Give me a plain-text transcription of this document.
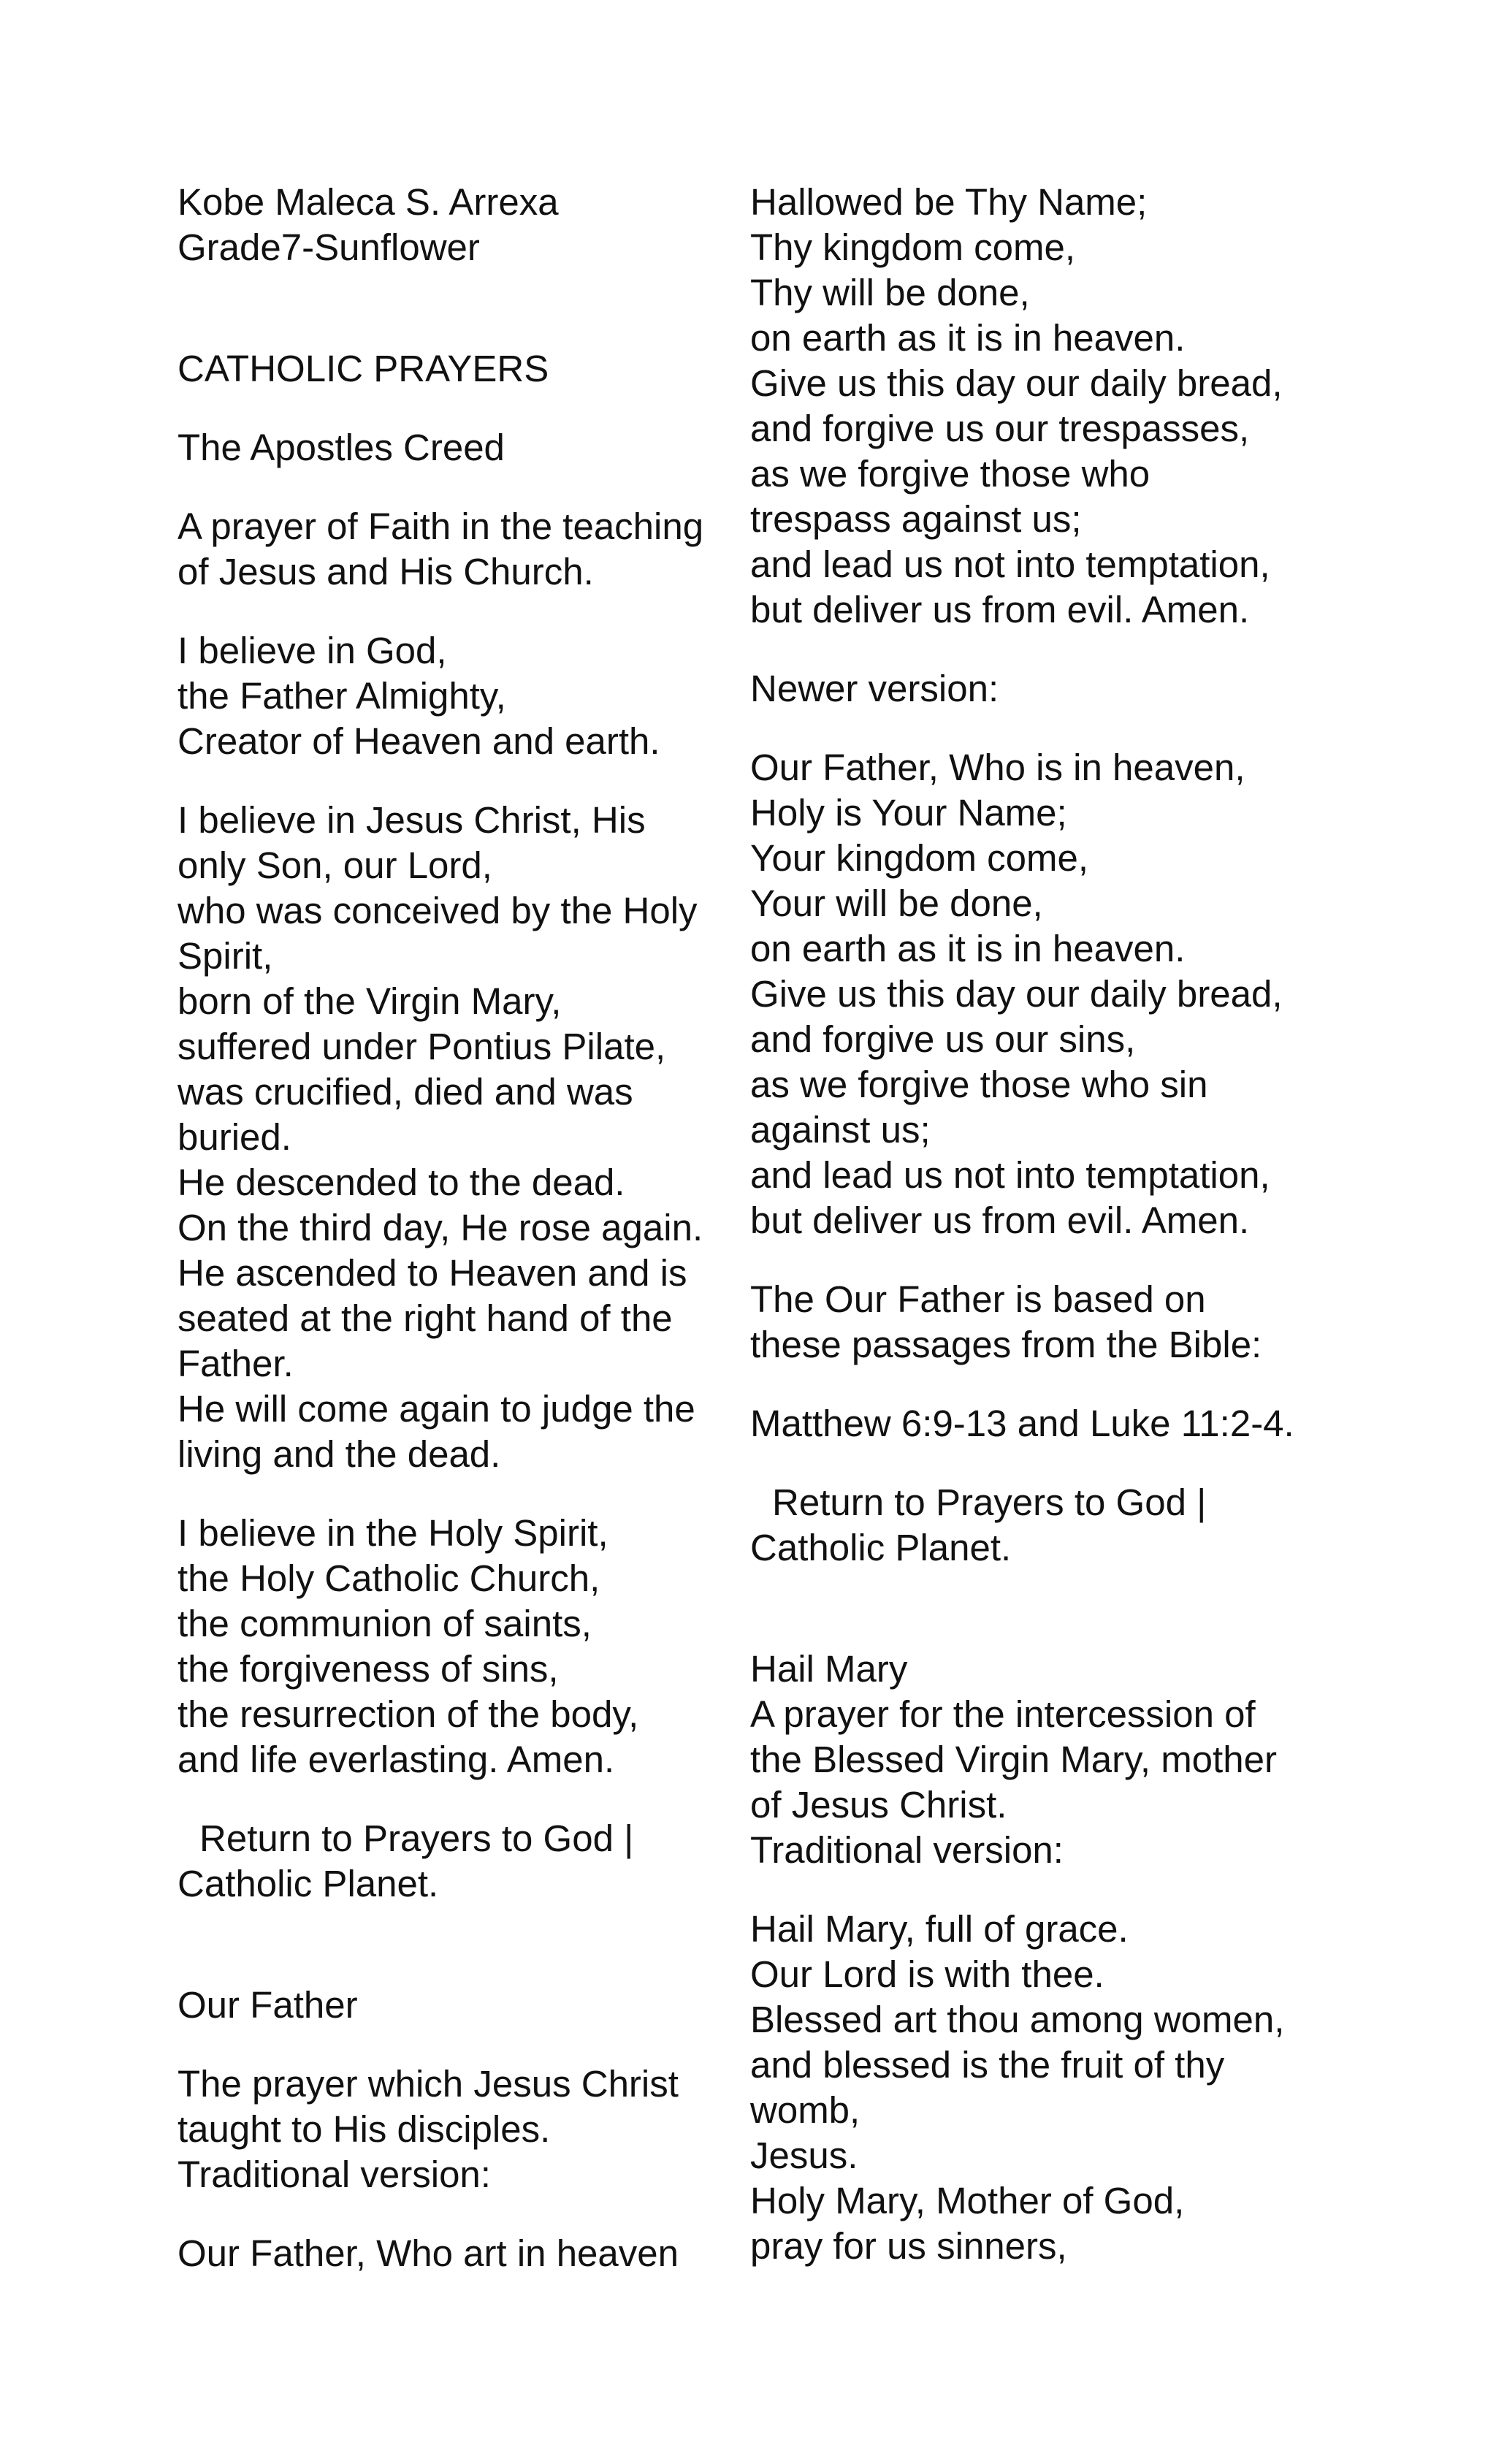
Kobe Maleca S. Arrexa
Grade7-Sunflower
CATHOLIC PRAYERS
The Apostles Creed
A prayer of Faith in the teaching
of Jesus and His Church.
I believe in God,
the Father Almighty,
Creator of Heaven and earth.
I believe in Jesus Christ, His
only Son, our Lord,
who was conceived by the Holy
Spirit,
born of the Virgin Mary,
suffered under Pontius Pilate,
was crucified, died and was
buried.
He descended to the dead.
On the third day, He rose again.
He ascended to Heaven and is
seated at the right hand of the
Father.
He will come again to judge the
living and the dead.
I believe in the Holy Spirit,
the Holy Catholic Church,
the communion of saints,
the forgiveness of sins,
the resurrection of the body,
and life everlasting. Amen.
Return to Prayers to God |
Catholic Planet.
Our Father
The prayer which Jesus Christ
taught to His disciples.
Traditional version:
Our Father, Who art in heaven
Hallowed be Thy Name;
Thy kingdom come,
Thy will be done,
on earth as it is in heaven.
Give us this day our daily bread,
and forgive us our trespasses,
as we forgive those who
trespass against us;
and lead us not into temptation,
but deliver us from evil. Amen.
Newer version:
Our Father, Who is in heaven,
Holy is Your Name;
Your kingdom come,
Your will be done,
on earth as it is in heaven.
Give us this day our daily bread,
and forgive us our sins,
as we forgive those who sin
against us;
and lead us not into temptation,
but deliver us from evil. Amen.
The Our Father is based on
these passages from the Bible:
Matthew 6:9-13 and Luke 11:2-4.
Return to Prayers to God |
Catholic Planet.
Hail Mary
A prayer for the intercession of
the Blessed Virgin Mary, mother
of Jesus Christ.
Traditional version:
Hail Mary, full of grace.
Our Lord is with thee.
Blessed art thou among women,
and blessed is the fruit of thy
womb,
Jesus.
Holy Mary, Mother of God,
pray for us sinners,
